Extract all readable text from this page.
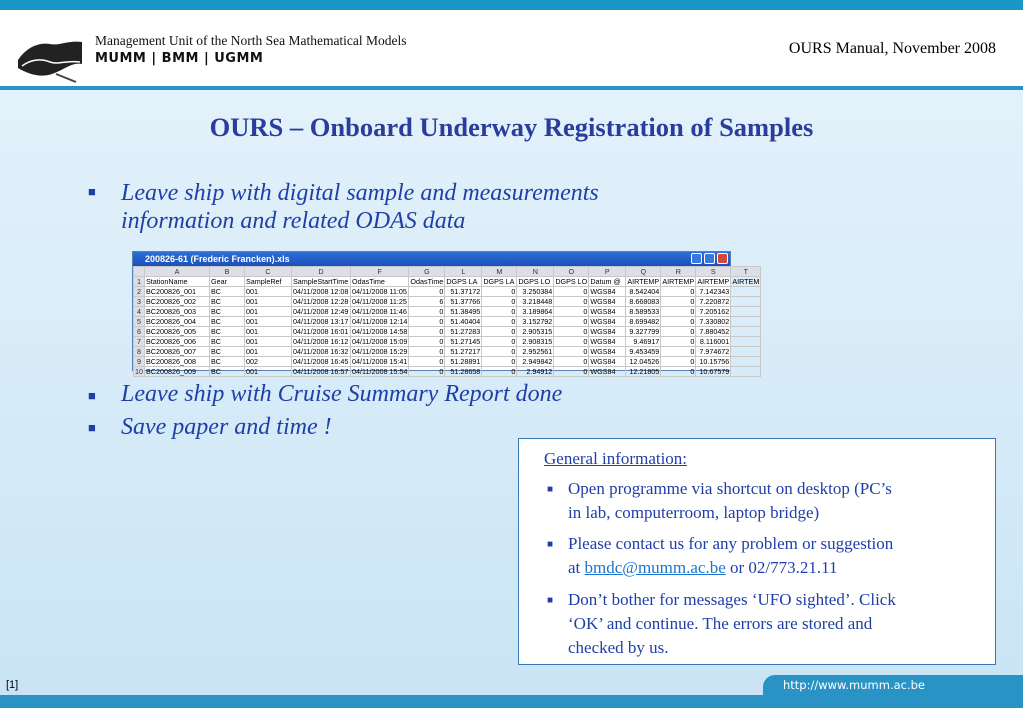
Management Unit of the North Sea Mathematical Models
MUMM | BMM | UGMM
OURS Manual, November 2008
OURS – Onboard Underway Registration of Samples
■ Leave ship with digital sample and measurements
information and related ODAS data
200826-61 (Frederic Francken).xls
	A	B	C	D	F	G	L	M	N	O	P	Q	R	S	T
1	StationName	Gear	SampleRef	SampleStartTime	OdasTime	OdasTime	DGPS LA	DGPS LA	DGPS LO	DGPS LO	Datum @	AIRTEMP	AIRTEMP	AIRTEMP	AIRTEM
2	BC200826_001	BC	001	04/11/2008 12:08	04/11/2008 11:05	0	51.37172	0	3.250384	0	WGS84	8.542404	0	7.142343	
3	BC200826_002	BC	001	04/11/2008 12:28	04/11/2008 11:25	6	51.37766	0	3.218448	0	WGS84	8.668083	0	7.220872	
4	BC200826_003	BC	001	04/11/2008 12:49	04/11/2008 11:46	0	51.38495	0	3.189864	0	WGS84	8.589533	0	7.205162	
5	BC200826_004	BC	001	04/11/2008 13:17	04/11/2008 12:14	0	51.40404	0	3.152792	0	WGS84	8.699482	0	7.330802	
6	BC200826_005	BC	001	04/11/2008 16:01	04/11/2008 14:58	0	51.27283	0	2.905315	0	WGS84	9.327799	0	7.880452	
7	BC200826_006	BC	001	04/11/2008 16:12	04/11/2008 15:09	0	51.27145	0	2.908315	0	WGS84	9.46917	0	8.116001	
8	BC200826_007	BC	001	04/11/2008 16:32	04/11/2008 15:29	0	51.27217	0	2.952561	0	WGS84	9.453459	0	7.974672	
9	BC200826_008	BC	002	04/11/2008 16:45	04/11/2008 15:41	0	51.28891	0	2.949842	0	WGS84	12.04526	0	10.15756	
10	BC200826_009	BC	001	04/11/2008 16:57	04/11/2008 15:54	0	51.28658	0	2.94912	0	WGS84	12.21805	0	10.67579	
■ Leave ship with Cruise Summary Report done
■ Save paper and time !
General information:
■ Open programme via shortcut on desktop (PC’s
in lab, computerroom, laptop bridge)
■ Please contact us for any problem or suggestion
at bmdc@mumm.ac.be or 02/773.21.11
■ Don’t bother for messages ‘UFO sighted’. Click
‘OK’ and continue. The errors are stored and
checked by us.
[1]	http://www.mumm.ac.be
